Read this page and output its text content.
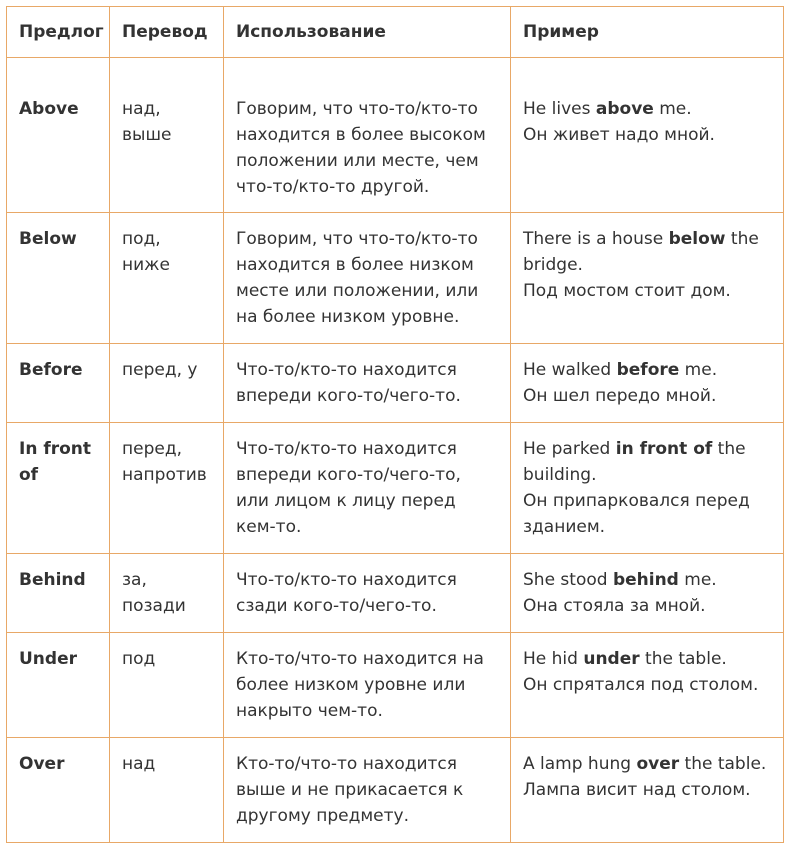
Предлог	Перевод	Использование	Пример
Above	над, выше	Говорим, что что-то/кто-то находится в более высоком положении или месте, чем что-то/кто-то другой.	He lives above me.
Он живет надо мной.

Below	под, ниже	Говорим, что что-то/кто-то находится в более низком месте или положении, или на более низком уровне.	There is a house below the bridge.
Под мостом стоит дом.

Before	перед, у	Что-то/кто-то находится впереди кого-то/чего-то.	He walked before me.
Он шел передо мной.

In front of	перед, напротив	Что-то/кто-то находится впереди кого-то/чего-то, или лицом к лицу перед кем-то.	He parked in front of the building.
Он припарковался перед зданием.

Behind	за, позади	Что-то/кто-то находится сзади кого-то/чего-то.	She stood behind me.
Она стояла за мной.

Under	под	Кто-то/что-то находится на более низком уровне или накрыто чем-то.	He hid under the table.
Он спрятался под столом.

Over	над	Кто-то/что-то находится выше и не прикасается к другому предмету.	A lamp hung over the table.
Лампа висит над столом.
